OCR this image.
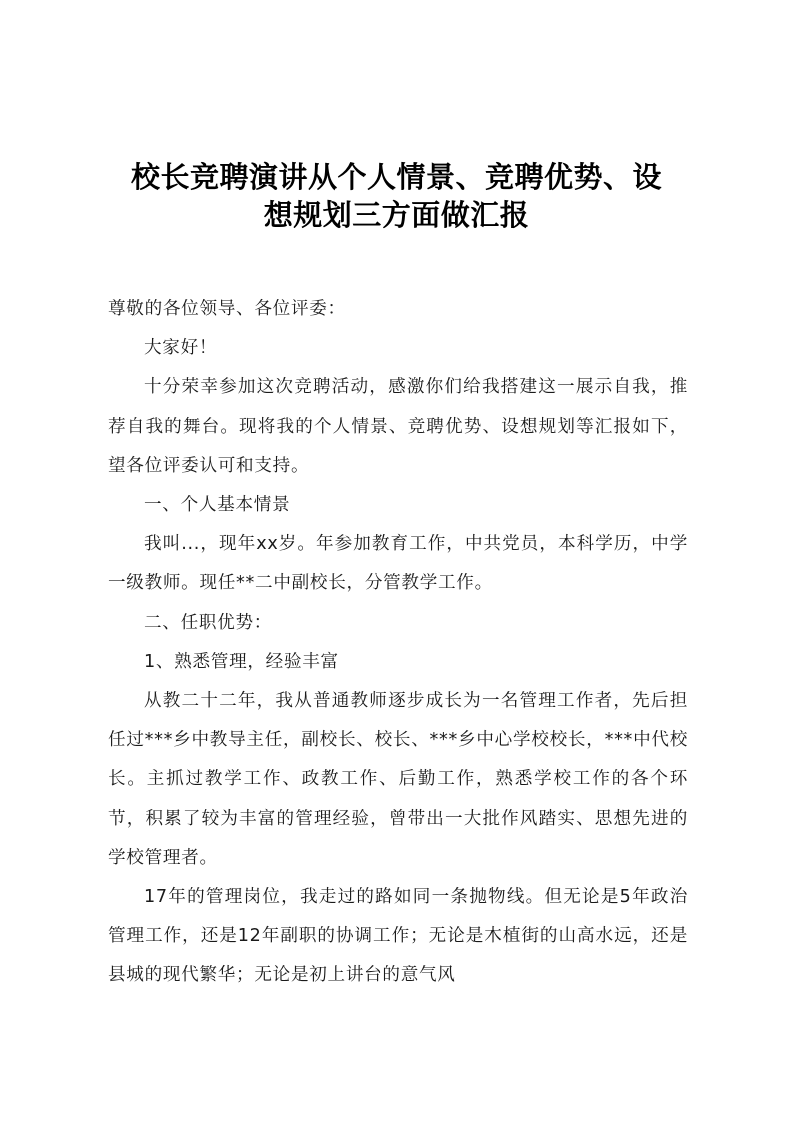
校长竞聘演讲从个人情景、竞聘优势、设
想规划三方面做汇报

尊敬的各位领导、各位评委：

大家好！

十分荣幸参加这次竞聘活动，感激你们给我搭建这一展示自我，推荐自我的舞台。现将我的个人情景、竞聘优势、设想规划等汇报如下，望各位评委认可和支持。

一、个人基本情景

我叫...，现年xx岁。年参加教育工作，中共党员，本科学历，中学一级教师。现任**二中副校长，分管教学工作。

二、任职优势：

1、熟悉管理，经验丰富

从教二十二年，我从普通教师逐步成长为一名管理工作者，先后担任过***乡中教导主任，副校长、校长、***乡中心学校校长，***中代校长。主抓过教学工作、政教工作、后勤工作，熟悉学校工作的各个环节，积累了较为丰富的管理经验，曾带出一大批作风踏实、思想先进的学校管理者。

17年的管理岗位，我走过的路如同一条抛物线。但无论是5年政治管理工作，还是12年副职的协调工作；无论是木植街的山高水远，还是县城的现代繁华；无论是初上讲台的意气风
